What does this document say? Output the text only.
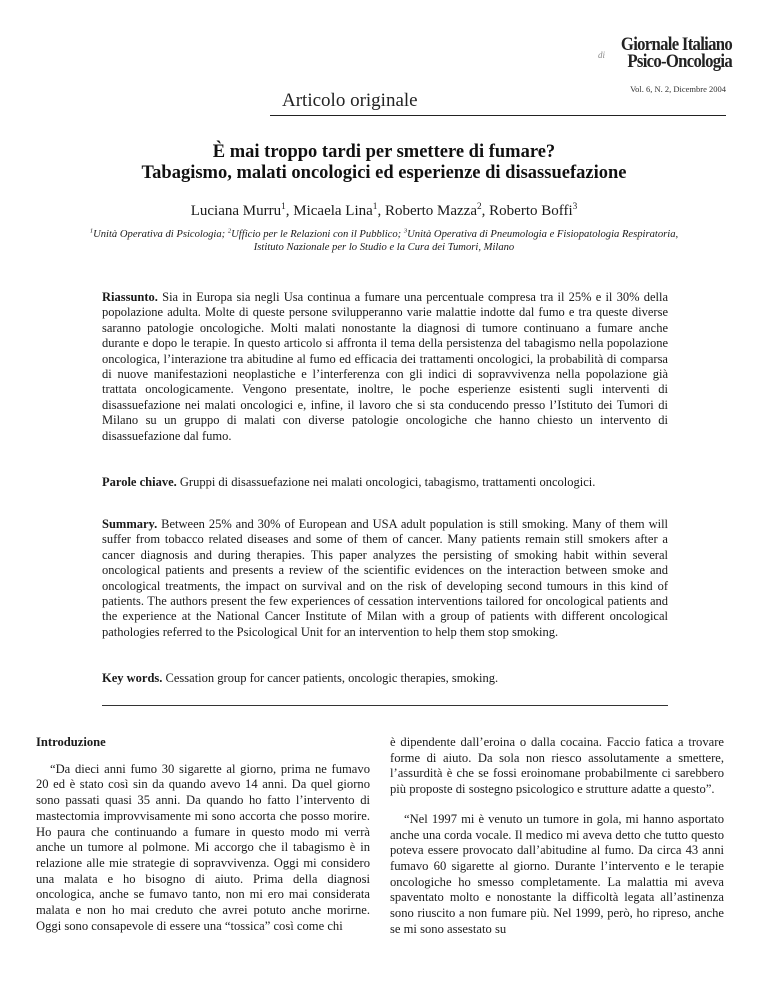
di Giornale Italiano
Psico-Oncologia
Vol. 6, N. 2, Dicembre 2004
Articolo originale
È mai troppo tardi per smettere di fumare?
Tabagismo, malati oncologici ed esperienze di disassuefazione
Luciana Murru$^1$, Micaela Lina$^1$, Roberto Mazza$^2$, Roberto Boffi$^3$
$^1$Unità Operativa di Psicologia; $^2$Ufficio per le Relazioni con il Pubblico; $^3$Unità Operativa di Pneumologia e Fisiopatologia Respiratoria,
Istituto Nazionale per lo Studio e la Cura dei Tumori, Milano
Riassunto. Sia in Europa sia negli Usa continua a fumare una percentuale compresa tra il 25% e il 30% della popolazione adulta. Molte di queste persone svilupperanno varie malattie indotte dal fumo e tra queste diverse saranno patologie oncologiche. Molti malati nonostante la diagnosi di tumore continuano a fumare anche durante e dopo le terapie. In questo articolo si affronta il tema della persistenza del tabagismo nella popolazione oncologica, l’interazione tra abitudine al fumo ed efficacia dei trattamenti oncologici, la probabilità di comparsa di nuove manifestazioni neoplastiche e l’interferenza con gli indici di sopravvivenza nella popolazione già trattata oncologicamente. Vengono presentate, inoltre, le poche esperienze esistenti sugli interventi di disassuefazione nei malati oncologici e, infine, il lavoro che si sta conducendo presso l’Istituto dei Tumori di Milano su un gruppo di malati con diverse patologie oncologiche che hanno chiesto un intervento di disassuefazione dal fumo.
Parole chiave. Gruppi di disassuefazione nei malati oncologici, tabagismo, trattamenti oncologici.
Summary. Between 25% and 30% of European and USA adult population is still smoking. Many of them will suffer from tobacco related diseases and some of them of cancer. Many patients remain still smokers after a cancer diagnosis and during therapies. This paper analyzes the persisting of smoking habit within several oncological patients and presents a review of the scientific evidences on the interaction between smoke and oncological treatments, the impact on survival and on the risk of developing second tumours in this kind of patients. The authors present the few experiences of cessation interventions tailored for oncological patients and the experience at the National Cancer Institute of Milan with a group of patients with different oncological pathologies referred to the Psicological Unit for an intervention to help them stop smoking.
Key words. Cessation group for cancer patients, oncologic therapies, smoking.
Introduzione

“Da dieci anni fumo 30 sigarette al giorno, prima ne fumavo 20 ed è stato così sin da quando avevo 14 anni. Da quel giorno sono passati quasi 35 anni. Da quando ho fatto l’intervento di mastectomia improvvisamente mi sono accorta che posso morire. Ho paura che continuando a fumare in questo modo mi verrà anche un tumore al polmone. Mi accorgo che il tabagismo è in relazione alle mie strategie di sopravvivenza. Oggi mi considero una malata e ho bisogno di aiuto. Prima della diagnosi oncologica, anche se fumavo tanto, non mi ero mai considerata malata e non ho mai creduto che avrei potuto anche morirne. Oggi sono consapevole di essere una “tossica” così come chi

è dipendente dall’eroina o dalla cocaina. Faccio fatica a trovare forme di aiuto. Da sola non riesco assolutamente a smettere, l’assurdità è che se fossi eroinomane probabilmente ci sarebbero più proposte di sostegno psicologico e strutture adatte a questo”.

“Nel 1997 mi è venuto un tumore in gola, mi hanno asportato anche una corda vocale. Il medico mi aveva detto che tutto questo poteva essere provocato dall’abitudine al fumo. Da circa 43 anni fumavo 60 sigarette al giorno. Durante l’intervento e le terapie oncologiche ho smesso completamente. La malattia mi aveva spaventato molto e nonostante la difficoltà legata all’astinenza sono riuscito a non fumare più. Nel 1999, però, ho ripreso, anche se mi sono assestato su
